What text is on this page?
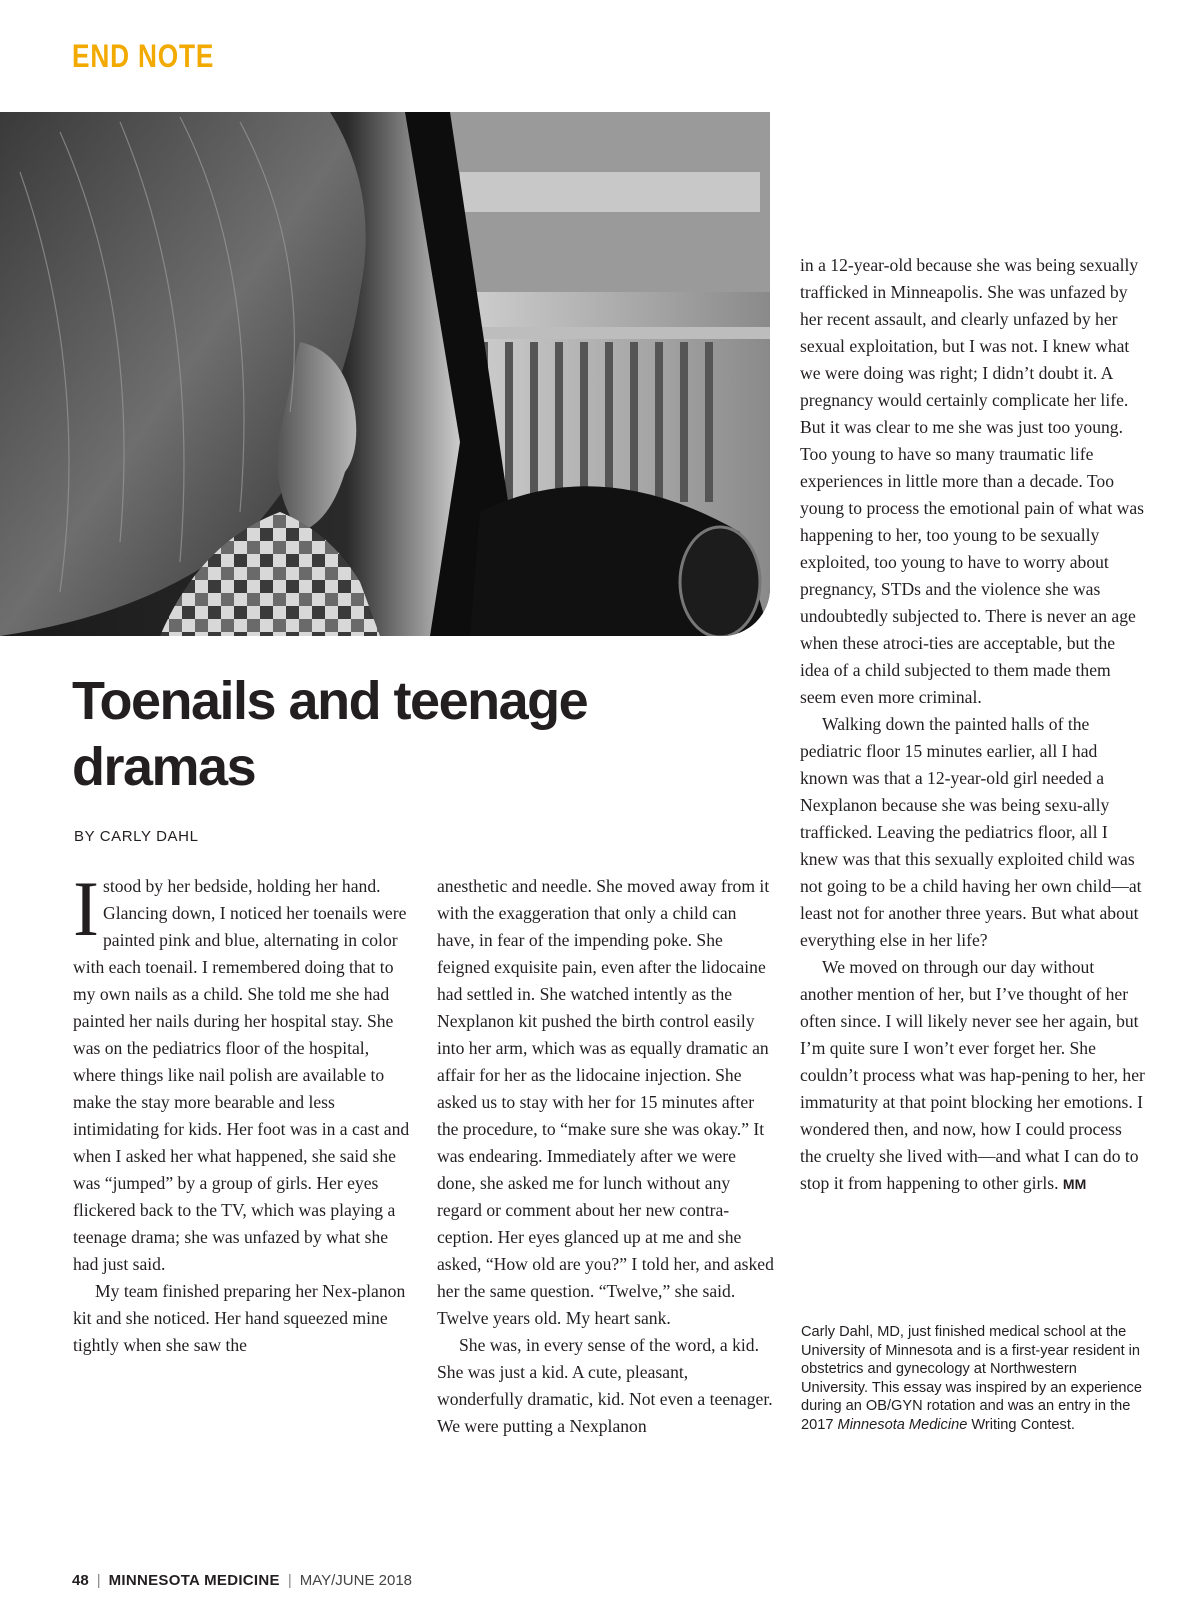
END NOTE
Toenails and teenage dramas

BY CARLY DAHL

Istood by her bedside, holding her hand. Glancing down, I noticed her toenails were painted pink and blue, alternating in color with each toenail. I remembered doing that to my own nails as a child. She told me she had painted her nails during her hospital stay. She was on the pediatrics floor of the hospital, where things like nail polish are available to make the stay more bearable and less intimidating for kids. Her foot was in a cast and when I asked her what happened, she said she was “jumped” by a group of girls. Her eyes flickered back to the TV, which was playing a teenage drama; she was unfazed by what she had just said.

My team finished preparing her Nex-planon kit and she noticed. Her hand squeezed mine tightly when she saw the

anesthetic and needle. She moved away from it with the exaggeration that only a child can have, in fear of the impending poke. She feigned exquisite pain, even after the lidocaine had settled in. She watched intently as the Nexplanon kit pushed the birth control easily into her arm, which was as equally dramatic an affair for her as the lidocaine injection. She asked us to stay with her for 15 minutes after the procedure, to “make sure she was okay.” It was endearing. Immediately after we were done, she asked me for lunch without any regard or comment about her new contra-ception. Her eyes glanced up at me and she asked, “How old are you?” I told her, and asked her the same question. “Twelve,” she said. Twelve years old. My heart sank.

She was, in every sense of the word, a kid. She was just a kid. A cute, pleasant, wonderfully dramatic, kid. Not even a teenager. We were putting a Nexplanon

in a 12-year-old because she was being sexually trafficked in Minneapolis. She was unfazed by her recent assault, and clearly unfazed by her sexual exploitation, but I was not. I knew what we were doing was right; I didn’t doubt it. A pregnancy would certainly complicate her life. But it was clear to me she was just too young. Too young to have so many traumatic life experiences in little more than a decade. Too young to process the emotional pain of what was happening to her, too young to be sexually exploited, too young to have to worry about pregnancy, STDs and the violence she was undoubtedly subjected to. There is never an age when these atroci-ties are acceptable, but the idea of a child subjected to them made them seem even more criminal.

Walking down the painted halls of the pediatric floor 15 minutes earlier, all I had known was that a 12-year-old girl needed a Nexplanon because she was being sexu-ally trafficked. Leaving the pediatrics floor, all I knew was that this sexually exploited child was not going to be a child having her own child—at least not for another three years. But what about everything else in her life?

We moved on through our day without another mention of her, but I’ve thought of her often since. I will likely never see her again, but I’m quite sure I won’t ever forget her. She couldn’t process what was hap-pening to her, her immaturity at that point blocking her emotions. I wondered then, and now, how I could process the cruelty she lived with—and what I can do to stop it from happening to other girls. MM

Carly Dahl, MD, just finished medical school at the University of Minnesota and is a first-year resident in obstetrics and gynecology at Northwestern University. This essay was inspired by an experience during an OB/GYN rotation and was an entry in the 2017 Minnesota Medicine Writing Contest.

48 | MINNESOTA MEDICINE | MAY/JUNE 2018
